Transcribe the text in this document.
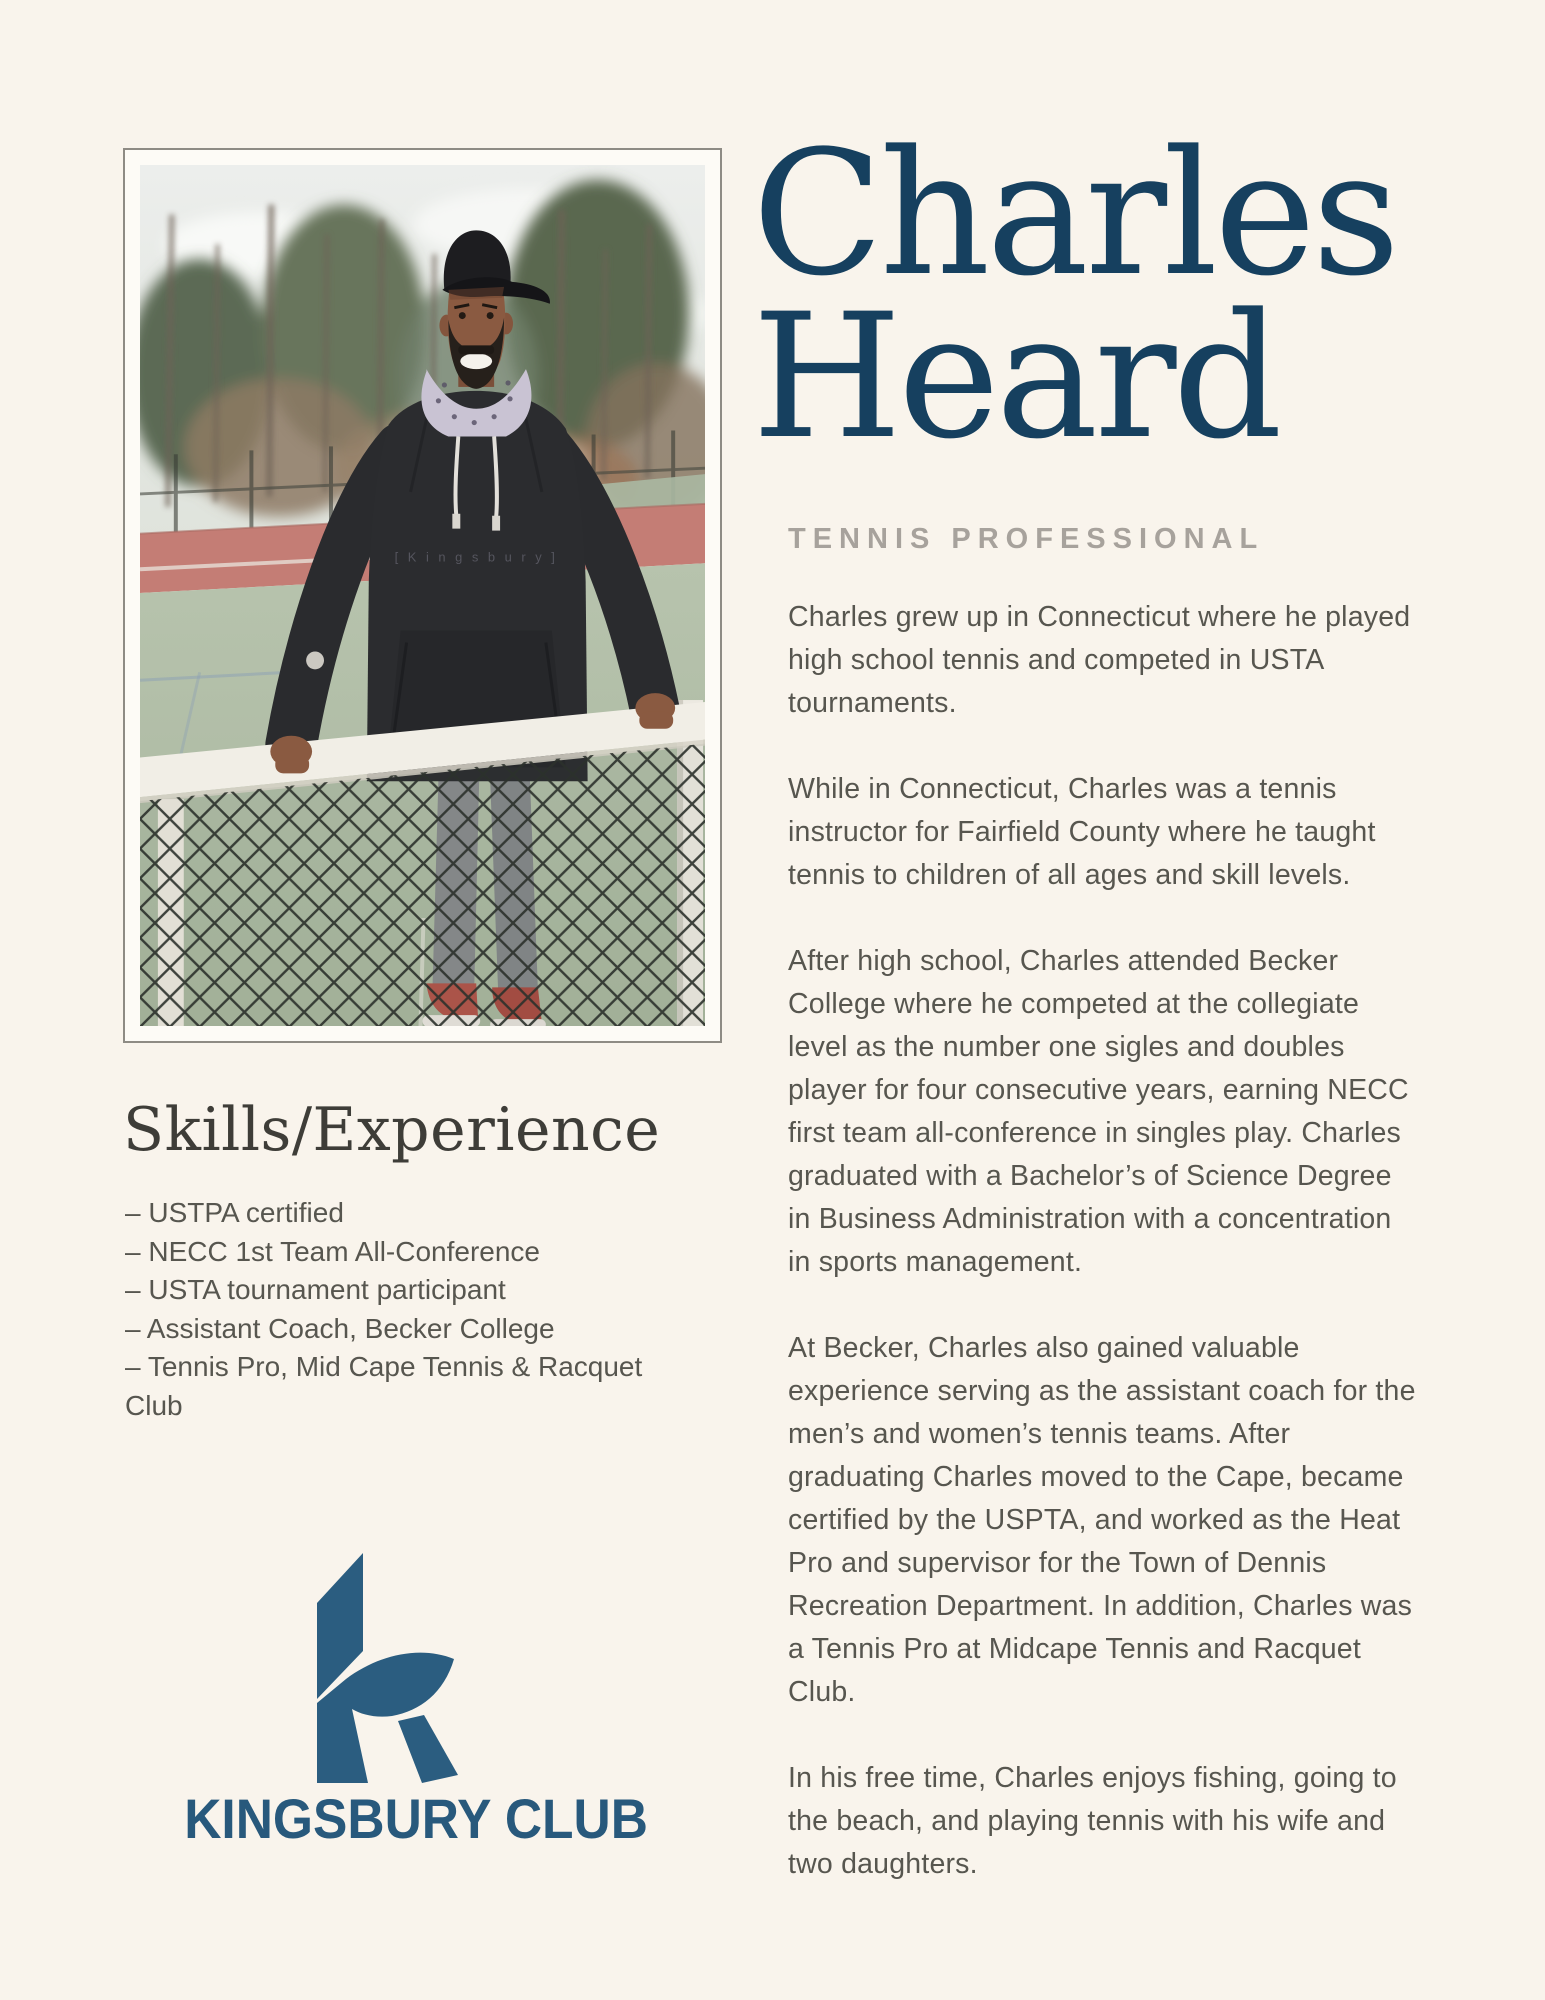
[ K i n g s b u r y ]
Charles
Heard
TENNIS PROFESSIONAL

Charles grew up in Connecticut where he played high school tennis and competed in USTA tournaments.

While in Connecticut, Charles was a tennis instructor for Fairfield County where he taught tennis to children of all ages and skill levels.

After high school, Charles attended Becker College where he competed at the collegiate level as the number one sigles and doubles player for four consecutive years, earning NECC first team all-conference in singles play. Charles graduated with a Bachelor’s of Science Degree in Business Administration with a concentration in sports management.

At Becker, Charles also gained valuable experience serving as the assistant coach for the men’s and women’s tennis teams. After graduating Charles moved to the Cape, became certified by the USPTA, and worked as the Heat Pro and supervisor for the Town of Dennis Recreation Department. In addition, Charles was a Tennis Pro at Midcape Tennis and Racquet Club.

In his free time, Charles enjoys fishing, going to the beach, and playing tennis with his wife and two daughters.

Skills/Experience
– USTPA certified
– NECC 1st Team All-Conference
– USTA tournament participant
– Assistant Coach, Becker College
– Tennis Pro, Mid Cape Tennis & Racquet Club
KINGSBURY CLUB
